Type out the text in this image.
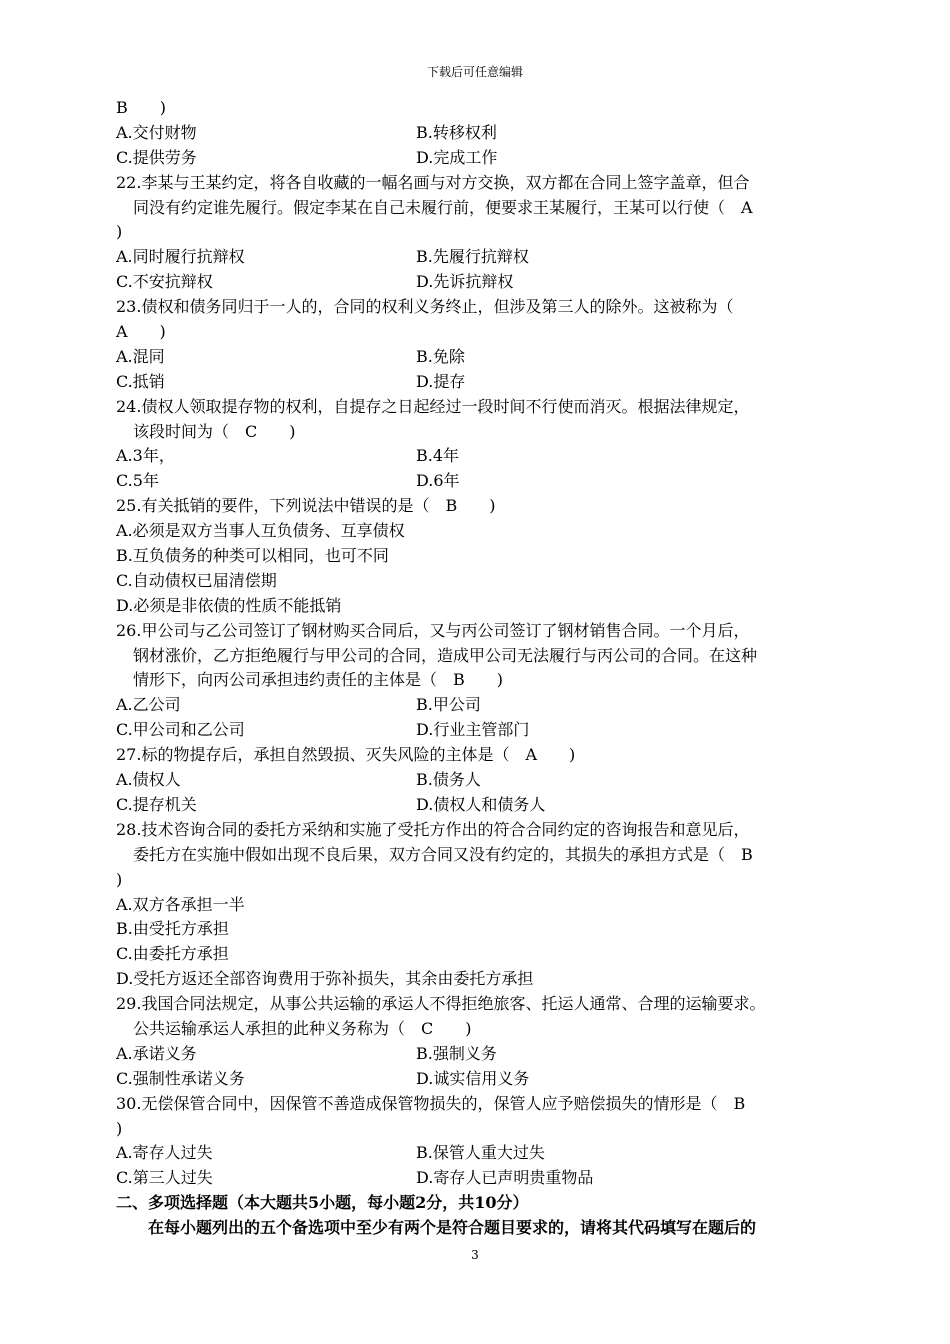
下载后可任意编辑
B　　)
A.交付财物	B.转移权利
C.提供劳务	D.完成工作
22.李某与王某约定，将各自收藏的一幅名画与对方交换，双方都在合同上签字盖章，但合
同没有约定谁先履行。假定李某在自己未履行前，便要求王某履行，王某可以行使（　A
)
A.同时履行抗辩权	B.先履行抗辩权
C.不安抗辩权	D.先诉抗辩权
23.债权和债务同归于一人的，合同的权利义务终止，但涉及第三人的除外。这被称为（
A　　)
A.混同	B.免除
C.抵销	D.提存
24.债权人领取提存物的权利，自提存之日起经过一段时间不行使而消灭。根据法律规定，
该段时间为（　C　　)
A.3年，	B.4年
C.5年	D.6年
25.有关抵销的要件，下列说法中错误的是（　B　　)
A.必须是双方当事人互负债务、互享债权
B.互负债务的种类可以相同，也可不同
C.自动债权已届清偿期
D.必须是非依债的性质不能抵销
26.甲公司与乙公司签订了钢材购买合同后，又与丙公司签订了钢材销售合同。一个月后，
钢材涨价，乙方拒绝履行与甲公司的合同，造成甲公司无法履行与丙公司的合同。在这种
情形下，向丙公司承担违约责任的主体是（　B　　)
A.乙公司	B.甲公司
C.甲公司和乙公司	D.行业主管部门
27.标的物提存后，承担自然毁损、灭失风险的主体是（　A　　)
A.债权人	B.债务人
C.提存机关	D.债权人和债务人
28.技术咨询合同的委托方采纳和实施了受托方作出的符合合同约定的咨询报告和意见后，
委托方在实施中假如出现不良后果，双方合同又没有约定的，其损失的承担方式是（　B
)
A.双方各承担一半
B.由受托方承担
C.由委托方承担
D.受托方返还全部咨询费用于弥补损失，其余由委托方承担
29.我国合同法规定，从事公共运输的承运人不得拒绝旅客、托运人通常、合理的运输要求。
公共运输承运人承担的此种义务称为（　C　　)
A.承诺义务	B.强制义务
C.强制性承诺义务	D.诚实信用义务
30.无偿保管合同中，因保管不善造成保管物损失的，保管人应予赔偿损失的情形是（　B
)
A.寄存人过失	B.保管人重大过失
C.第三人过失	D.寄存人已声明贵重物品
二、多项选择题（本大题共5小题，每小题2分，共10分）
在每小题列出的五个备选项中至少有两个是符合题目要求的，请将其代码填写在题后的
3
